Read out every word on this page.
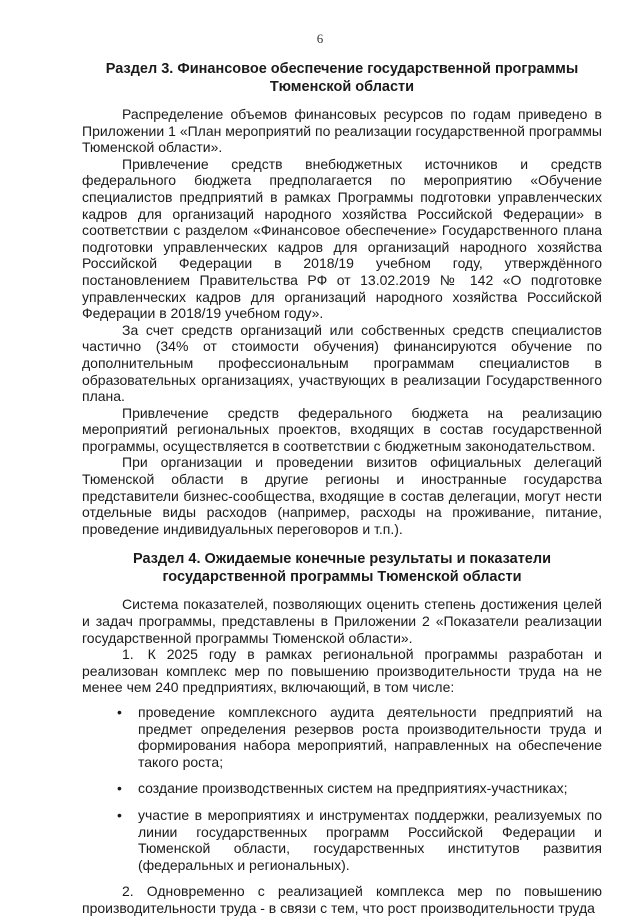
6
Раздел 3. Финансовое обеспечение государственной программы Тюменской области

Распределение объемов финансовых ресурсов по годам приведено в Приложении 1 «План мероприятий по реализации государственной программы Тюменской области».

Привлечение средств внебюджетных источников и средств федерального бюджета предполагается по мероприятию «Обучение специалистов предприятий в рамках Программы подготовки управленческих кадров для организаций народного хозяйства Российской Федерации» в соответствии с разделом «Финансовое обеспечение» Государственного плана подготовки управленческих кадров для организаций народного хозяйства Российской Федерации в 2018/19 учебном году, утверждённого постановлением Правительства РФ от 13.02.2019 № 142 «О подготовке управленческих кадров для организаций народного хозяйства Российской Федерации в 2018/19 учебном году».

За счет средств организаций или собственных средств специалистов частично (34% от стоимости обучения) финансируются обучение по дополнительным профессиональным программам специалистов в образовательных организациях, участвующих в реализации Государственного плана.

Привлечение средств федерального бюджета на реализацию мероприятий региональных проектов, входящих в состав государственной программы, осуществляется в соответствии с бюджетным законодательством.

При организации и проведении визитов официальных делегаций Тюменской области в другие регионы и иностранные государства представители бизнес-сообщества, входящие в состав делегации, могут нести отдельные виды расходов (например, расходы на проживание, питание, проведение индивидуальных переговоров и т.п.).

Раздел 4. Ожидаемые конечные результаты и показатели государственной программы Тюменской области

Система показателей, позволяющих оценить степень достижения целей и задач программы, представлены в Приложении 2 «Показатели реализации государственной программы Тюменской области».

1. К 2025 году в рамках региональной программы разработан и реализован комплекс мер по повышению производительности труда на не менее чем 240 предприятиях, включающий, в том числе:

• проведение комплексного аудита деятельности предприятий на предмет определения резервов роста производительности труда и формирования набора мероприятий, направленных на обеспечение такого роста;
• создание производственных систем на предприятиях-участниках;
• участие в мероприятиях и инструментах поддержки, реализуемых по линии государственных программ Российской Федерации и Тюменской области, государственных институтов развития (федеральных и региональных).

2. Одновременно с реализацией комплекса мер по повышению производительности труда - в связи с тем, что рост производительности труда
